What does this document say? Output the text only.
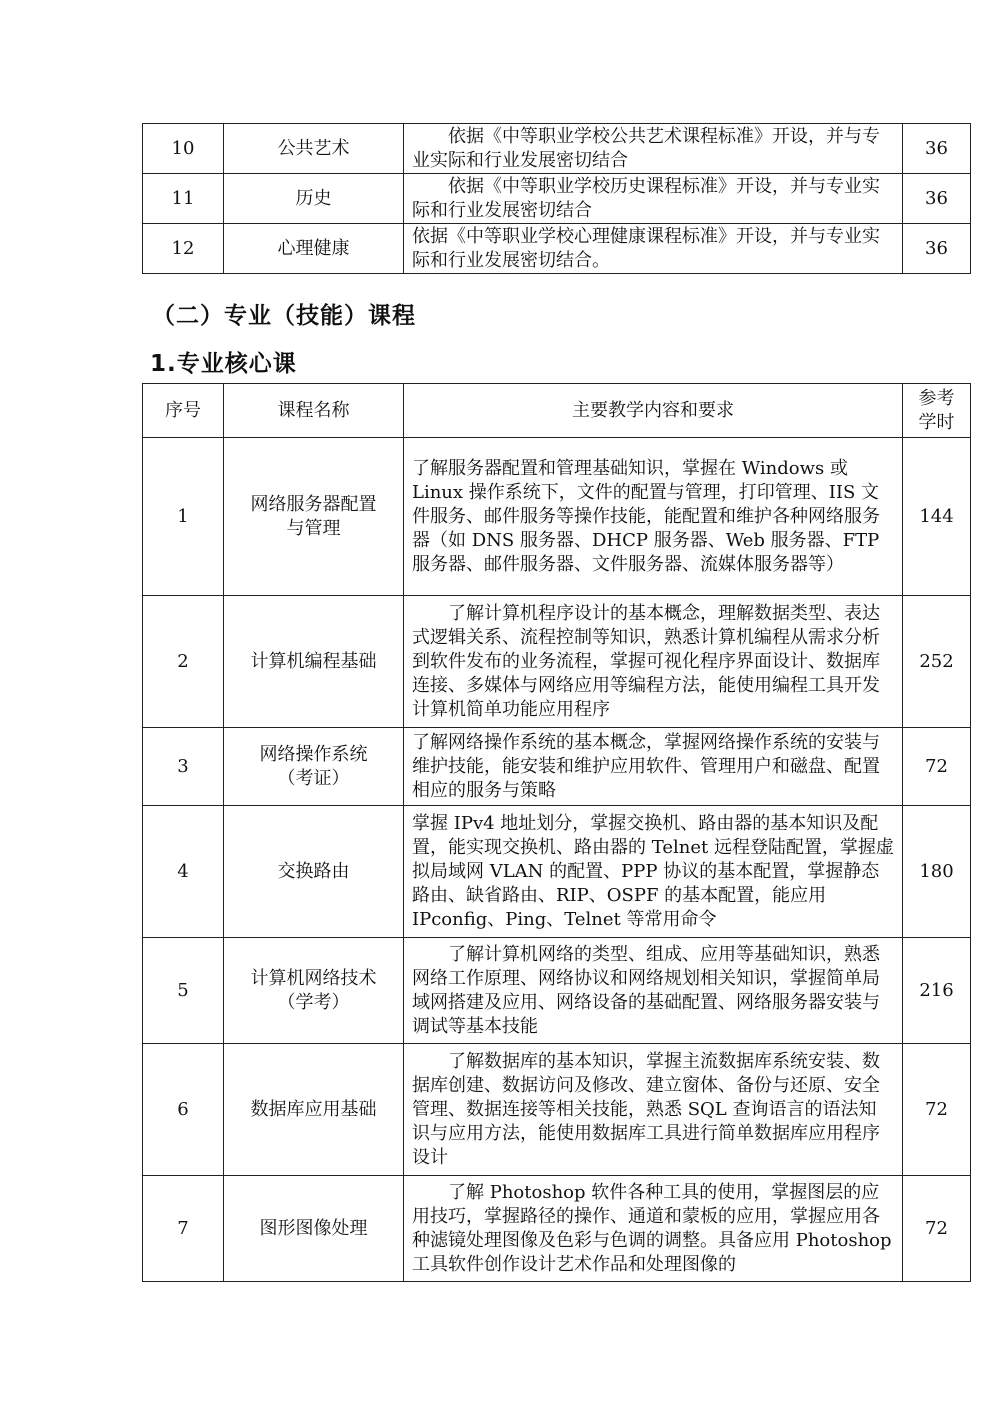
10	公共艺术	依据《中等职业学校公共艺术课程标准》开设，并与专业实际和行业发展密切结合	36
11	历史	依据《中等职业学校历史课程标准》开设，并与专业实际和行业发展密切结合	36
12	心理健康	依据《中等职业学校心理健康课程标准》开设，并与专业实际和行业发展密切结合。	36
（二）专业（技能）课程
1.专业核心课
序号	课程名称	主要教学内容和要求	参考
学时

1	网络服务器配置
与管理	了解服务器配置和管理基础知识，掌握在 Windows 或 Linux 操作系统下，文件的配置与管理，打印管理、IIS 文件服务、邮件服务等操作技能，能配置和维护各种网络服务器（如 DNS 服务器、DHCP 服务器、Web 服务器、FTP 服务器、邮件服务器、文件服务器、流媒体服务器等）	144
2	计算机编程基础	了解计算机程序设计的基本概念，理解数据类型、表达式逻辑关系、流程控制等知识，熟悉计算机编程从需求分析到软件发布的业务流程，掌握可视化程序界面设计、数据库连接、多媒体与网络应用等编程方法，能使用编程工具开发计算机简单功能应用程序	252
3	网络操作系统
（考证）	了解网络操作系统的基本概念，掌握网络操作系统的安装与维护技能，能安装和维护应用软件、管理用户和磁盘、配置相应的服务与策略	72
4	交换路由	掌握 IPv4 地址划分，掌握交换机、路由器的基本知识及配置，能实现交换机、路由器的 Telnet 远程登陆配置，掌握虚拟局域网 VLAN 的配置、PPP 协议的基本配置，掌握静态路由、缺省路由、RIP、OSPF 的基本配置，能应用 IPconfig、Ping、Telnet 等常用命令	180
5	计算机网络技术
（学考）	了解计算机网络的类型、组成、应用等基础知识，熟悉网络工作原理、网络协议和网络规划相关知识，掌握简单局域网搭建及应用、网络设备的基础配置、网络服务器安装与调试等基本技能	216
6	数据库应用基础	了解数据库的基本知识，掌握主流数据库系统安装、数据库创建、数据访问及修改、建立窗体、备份与还原、安全管理、数据连接等相关技能，熟悉 SQL 查询语言的语法知识与应用方法，能使用数据库工具进行简单数据库应用程序设计	72
7	图形图像处理	了解 Photoshop 软件各种工具的使用，掌握图层的应用技巧，掌握路径的操作、通道和蒙板的应用，掌握应用各种滤镜处理图像及色彩与色调的调整。具备应用 Photoshop 工具软件创作设计艺术作品和处理图像的	72
